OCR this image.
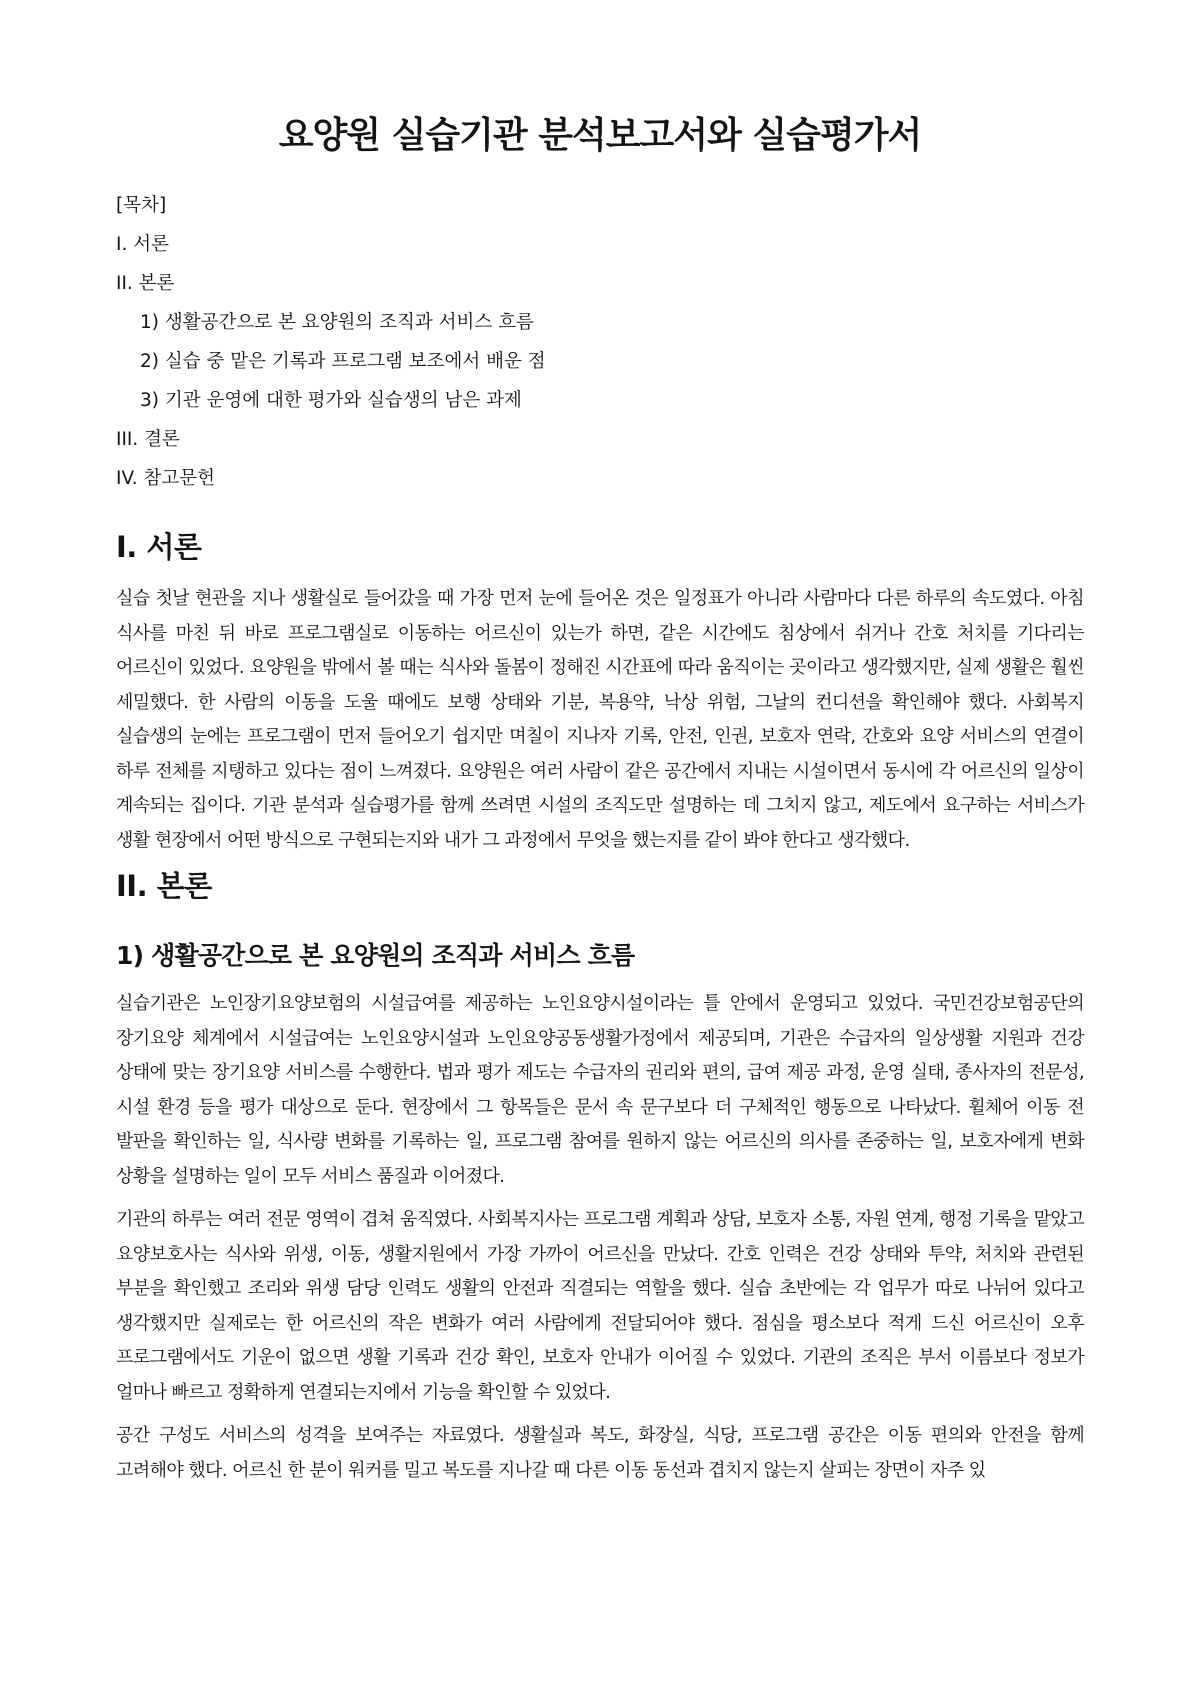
요양원 실습기관 분석보고서와 실습평가서
[목차]
I. 서론
II. 본론
1) 생활공간으로 본 요양원의 조직과 서비스 흐름
2) 실습 중 맡은 기록과 프로그램 보조에서 배운 점
3) 기관 운영에 대한 평가와 실습생의 남은 과제
III. 결론
IV. 참고문헌
I. 서론

실습 첫날 현관을 지나 생활실로 들어갔을 때 가장 먼저 눈에 들어온 것은 일정표가 아니라 사람마다 다른 하루의 속도였다. 아침 식사를 마친 뒤 바로 프로그램실로 이동하는 어르신이 있는가 하면, 같은 시간에도 침상에서 쉬거나 간호 처치를 기다리는 어르신이 있었다. 요양원을 밖에서 볼 때는 식사와 돌봄이 정해진 시간표에 따라 움직이는 곳이라고 생각했지만, 실제 생활은 훨씬 세밀했다. 한 사람의 이동을 도울 때에도 보행 상태와 기분, 복용약, 낙상 위험, 그날의 컨디션을 확인해야 했다. 사회복지 실습생의 눈에는 프로그램이 먼저 들어오기 쉽지만 며칠이 지나자 기록, 안전, 인권, 보호자 연락, 간호와 요양 서비스의 연결이 하루 전체를 지탱하고 있다는 점이 느껴졌다. 요양원은 여러 사람이 같은 공간에서 지내는 시설이면서 동시에 각 어르신의 일상이 계속되는 집이다. 기관 분석과 실습평가를 함께 쓰려면 시설의 조직도만 설명하는 데 그치지 않고, 제도에서 요구하는 서비스가 생활 현장에서 어떤 방식으로 구현되는지와 내가 그 과정에서 무엇을 했는지를 같이 봐야 한다고 생각했다.

II. 본론
1) 생활공간으로 본 요양원의 조직과 서비스 흐름

실습기관은 노인장기요양보험의 시설급여를 제공하는 노인요양시설이라는 틀 안에서 운영되고 있었다. 국민건강보험공단의 장기요양 체계에서 시설급여는 노인요양시설과 노인요양공동생활가정에서 제공되며, 기관은 수급자의 일상생활 지원과 건강 상태에 맞는 장기요양 서비스를 수행한다. 법과 평가 제도는 수급자의 권리와 편의, 급여 제공 과정, 운영 실태, 종사자의 전문성, 시설 환경 등을 평가 대상으로 둔다. 현장에서 그 항목들은 문서 속 문구보다 더 구체적인 행동으로 나타났다. 휠체어 이동 전 발판을 확인하는 일, 식사량 변화를 기록하는 일, 프로그램 참여를 원하지 않는 어르신의 의사를 존중하는 일, 보호자에게 변화 상황을 설명하는 일이 모두 서비스 품질과 이어졌다.

기관의 하루는 여러 전문 영역이 겹쳐 움직였다. 사회복지사는 프로그램 계획과 상담, 보호자 소통, 자원 연계, 행정 기록을 맡았고 요양보호사는 식사와 위생, 이동, 생활지원에서 가장 가까이 어르신을 만났다. 간호 인력은 건강 상태와 투약, 처치와 관련된 부분을 확인했고 조리와 위생 담당 인력도 생활의 안전과 직결되는 역할을 했다. 실습 초반에는 각 업무가 따로 나뉘어 있다고 생각했지만 실제로는 한 어르신의 작은 변화가 여러 사람에게 전달되어야 했다. 점심을 평소보다 적게 드신 어르신이 오후 프로그램에서도 기운이 없으면 생활 기록과 건강 확인, 보호자 안내가 이어질 수 있었다. 기관의 조직은 부서 이름보다 정보가 얼마나 빠르고 정확하게 연결되는지에서 기능을 확인할 수 있었다.

공간 구성도 서비스의 성격을 보여주는 자료였다. 생활실과 복도, 화장실, 식당, 프로그램 공간은 이동 편의와 안전을 함께 고려해야 했다. 어르신 한 분이 워커를 밀고 복도를 지나갈 때 다른 이동 동선과 겹치지 않는지 살피는 장면이 자주 있
